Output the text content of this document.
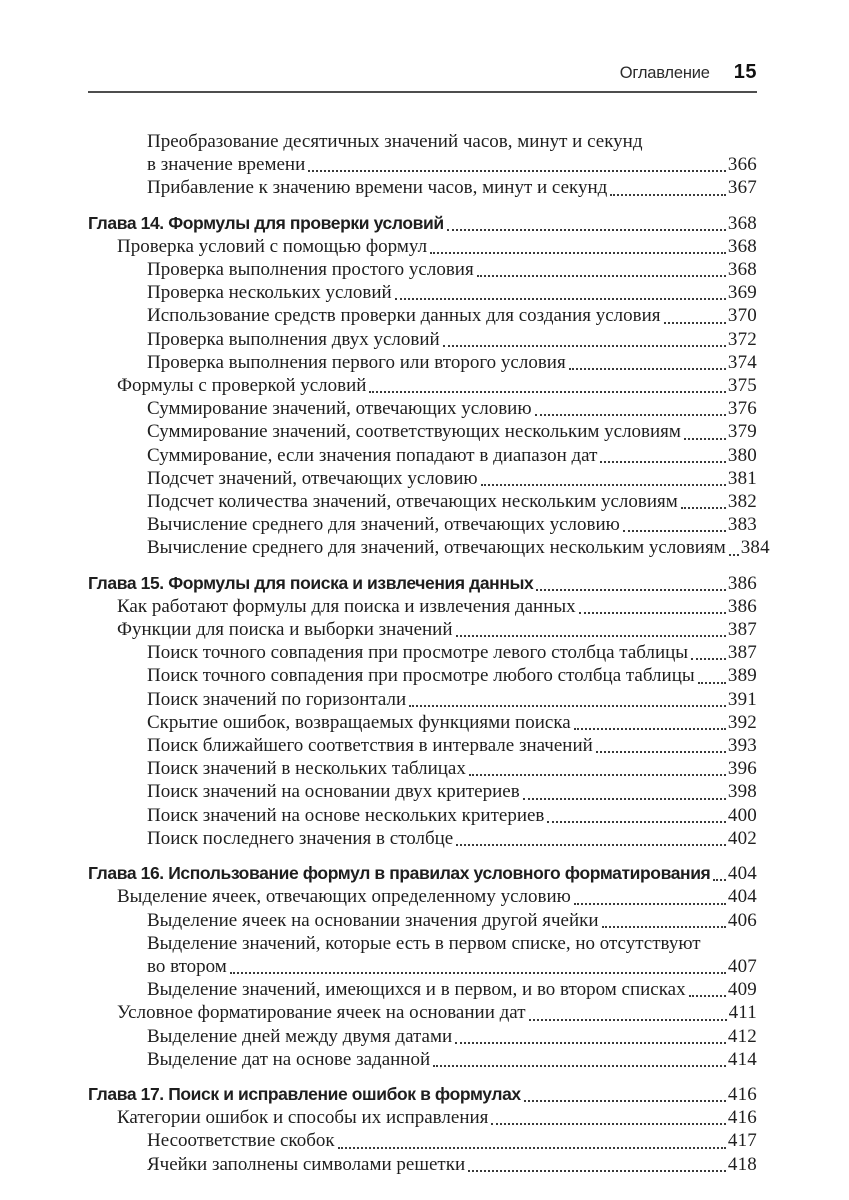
Оглавление 15
Преобразование десятичных значений часов, минут и секунд
в значение времени	366
Прибавление к значению времени часов, минут и секунд	367
Глава 14. Формулы для проверки условий	368
Проверка условий с помощью формул	368
Проверка выполнения простого условия	368
Проверка нескольких условий	369
Использование средств проверки данных для создания условия	370
Проверка выполнения двух условий	372
Проверка выполнения первого или второго условия	374
Формулы с проверкой условий	375
Суммирование значений, отвечающих условию	376
Суммирование значений, соответствующих нескольким условиям 379
Суммирование, если значения попадают в диапазон дат	380
Подсчет значений, отвечающих условию	381
Подсчет количества значений, отвечающих нескольким условиям	382
Вычисление среднего для значений, отвечающих условию	383
Вычисление среднего для значений, отвечающих нескольким условиям 384
Глава 15. Формулы для поиска и извлечения данных	386
Как работают формулы для поиска и извлечения данных	386
Функции для поиска и выборки значений	387
Поиск точного совпадения при просмотре левого столбца таблицы 387
Поиск точного совпадения при просмотре любого столбца таблицы 389
Поиск значений по горизонтали	391
Скрытие ошибок, возвращаемых функциями поиска	392
Поиск ближайшего соответствия в интервале значений	393
Поиск значений в нескольких таблицах	396
Поиск значений на основании двух критериев	398
Поиск значений на основе нескольких критериев	400
Поиск последнего значения в столбце	402
Глава 16. Использование формул в правилах условного форматирования 404
Выделение ячеек, отвечающих определенному условию	404
Выделение ячеек на основании значения другой ячейки	406
Выделение значений, которые есть в первом списке, но отсутствуют
во втором	407
Выделение значений, имеющихся и в первом, и во втором списках 409
Условное форматирование ячеек на основании дат	411
Выделение дней между двумя датами	412
Выделение дат на основе заданной	414
Глава 17. Поиск и исправление ошибок в формулах	416
Категории ошибок и способы их исправления	416
Несоответствие скобок	417
Ячейки заполнены символами решетки	418
